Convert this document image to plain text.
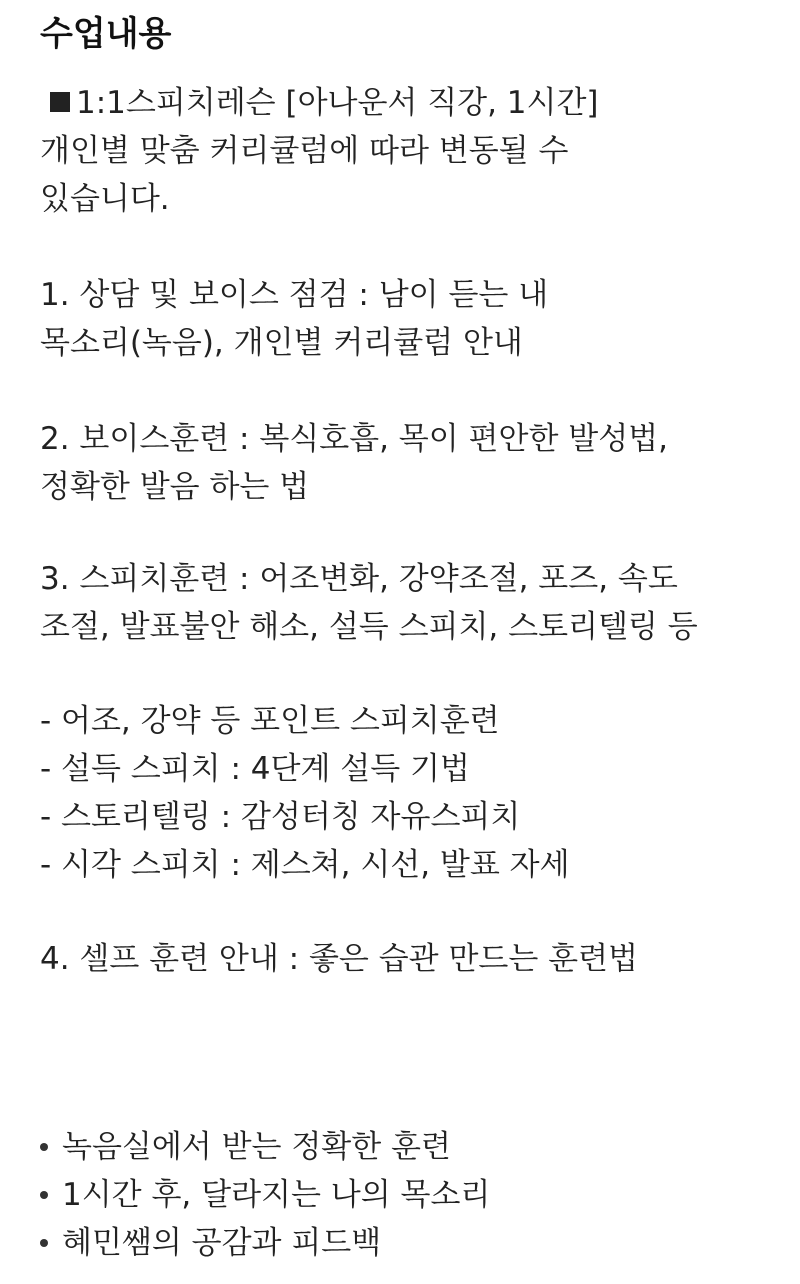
수업내용
1:1스피치레슨 [아나운서 직강, 1시간]
개인별 맞춤 커리큘럼에 따라 변동될 수
있습니다.
1. 상담 및 보이스 점검 : 남이 듣는 내
목소리(녹음), 개인별 커리큘럼 안내
2. 보이스훈련 : 복식호흡, 목이 편안한 발성법,
정확한 발음 하는 법
3. 스피치훈련 : 어조변화, 강약조절, 포즈, 속도
조절, 발표불안 해소, 설득 스피치, 스토리텔링 등
- 어조, 강약 등 포인트 스피치훈련
- 설득 스피치 : 4단계 설득 기법
- 스토리텔링 : 감성터칭 자유스피치
- 시각 스피치 : 제스쳐, 시선, 발표 자세
4. 셀프 훈련 안내 : 좋은 습관 만드는 훈련법
녹음실에서 받는 정확한 훈련
1시간 후, 달라지는 나의 목소리
혜민쌤의 공감과 피드백
